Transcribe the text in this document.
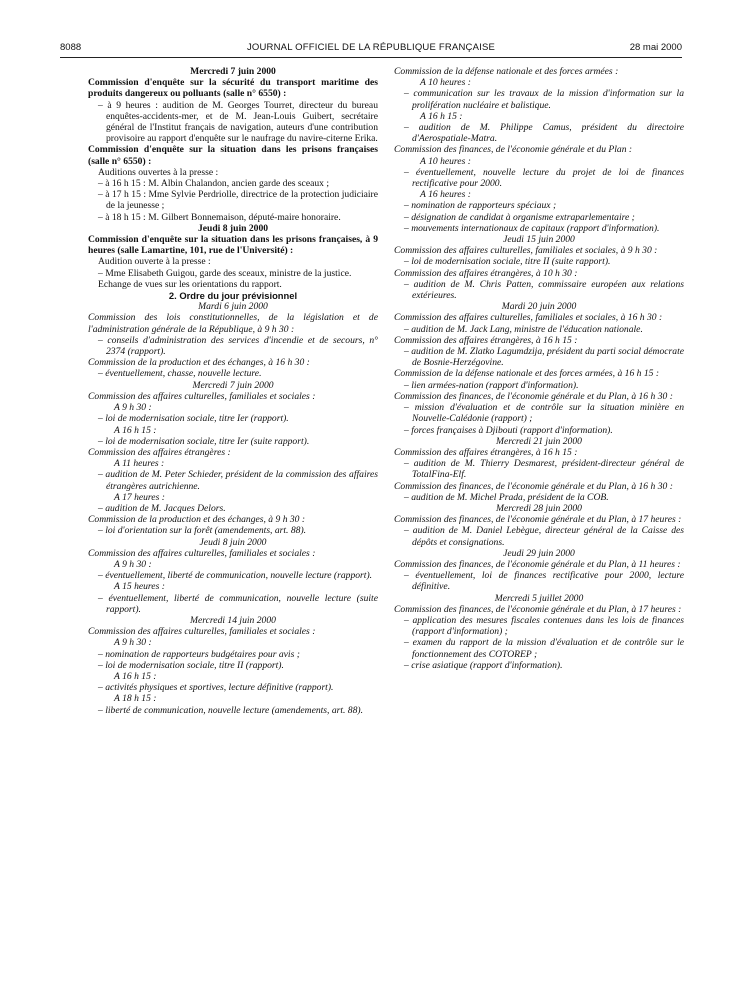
8088	JOURNAL OFFICIEL DE LA RÉPUBLIQUE FRANÇAISE	28 mai 2000

Mercredi 7 juin 2000

Commission d'enquête sur la sécurité du transport maritime des produits dangereux ou polluants (salle n° 6550) :

– à 9 heures : audition de M. Georges Tourret, directeur du bureau enquêtes-accidents-mer, et de M. Jean-Louis Guibert, secrétaire général de l'Institut français de navigation, auteurs d'une contribution provisoire au rapport d'enquête sur le naufrage du navire-citerne Erika.

Commission d'enquête sur la situation dans les prisons françaises (salle n° 6550) :

Auditions ouvertes à la presse :

– à 16 h 15 : M. Albin Chalandon, ancien garde des sceaux ;

– à 17 h 15 : Mme Sylvie Perdriolle, directrice de la protection judiciaire de la jeunesse ;

– à 18 h 15 : M. Gilbert Bonnemaison, député-maire honoraire.

Jeudi 8 juin 2000

Commission d'enquête sur la situation dans les prisons françaises, à 9 heures (salle Lamartine, 101, rue de l'Université) :

Audition ouverte à la presse :

– Mme Elisabeth Guigou, garde des sceaux, ministre de la justice.

Echange de vues sur les orientations du rapport.

2. Ordre du jour prévisionnel

Mardi 6 juin 2000

Commission des lois constitutionnelles, de la législation et de l'administration générale de la République, à 9 h 30 :

– conseils d'administration des services d'incendie et de secours, n° 2374 (rapport).

Commission de la production et des échanges, à 16 h 30 :

– éventuellement, chasse, nouvelle lecture.

Mercredi 7 juin 2000

Commission des affaires culturelles, familiales et sociales :

A 9 h 30 :

– loi de modernisation sociale, titre Ier (rapport).

A 16 h 15 :

– loi de modernisation sociale, titre Ier (suite rapport).

Commission des affaires étrangères :

A 11 heures :

– audition de M. Peter Schieder, président de la commission des affaires étrangères autrichienne.

A 17 heures :

– audition de M. Jacques Delors.

Commission de la production et des échanges, à 9 h 30 :

– loi d'orientation sur la forêt (amendements, art. 88).

Jeudi 8 juin 2000

Commission des affaires culturelles, familiales et sociales :

A 9 h 30 :

– éventuellement, liberté de communication, nouvelle lecture (rapport).

A 15 heures :

– éventuellement, liberté de communication, nouvelle lecture (suite rapport).

Mercredi 14 juin 2000

Commission des affaires culturelles, familiales et sociales :

A 9 h 30 :

– nomination de rapporteurs budgétaires pour avis ;

– loi de modernisation sociale, titre II (rapport).

A 16 h 15 :

– activités physiques et sportives, lecture définitive (rapport).

A 18 h 15 :

– liberté de communication, nouvelle lecture (amendements, art. 88).

Commission de la défense nationale et des forces armées :

A 10 heures :

– communication sur les travaux de la mission d'information sur la prolifération nucléaire et balistique.

A 16 h 15 :

– audition de M. Philippe Camus, président du directoire d'Aerospatiale-Matra.

Commission des finances, de l'économie générale et du Plan :

A 10 heures :

– éventuellement, nouvelle lecture du projet de loi de finances rectificative pour 2000.

A 16 heures :

– nomination de rapporteurs spéciaux ;

– désignation de candidat à organisme extraparlementaire ;

– mouvements internationaux de capitaux (rapport d'information).

Jeudi 15 juin 2000

Commission des affaires culturelles, familiales et sociales, à 9 h 30 :

– loi de modernisation sociale, titre II (suite rapport).

Commission des affaires étrangères, à 10 h 30 :

– audition de M. Chris Patten, commissaire européen aux relations extérieures.

Mardi 20 juin 2000

Commission des affaires culturelles, familiales et sociales, à 16 h 30 :

– audition de M. Jack Lang, ministre de l'éducation nationale.

Commission des affaires étrangères, à 16 h 15 :

– audition de M. Zlatko Lagumdzija, président du parti social démocrate de Bosnie-Herzégovine.

Commission de la défense nationale et des forces armées, à 16 h 15 :

– lien armées-nation (rapport d'information).

Commission des finances, de l'économie générale et du Plan, à 16 h 30 :

– mission d'évaluation et de contrôle sur la situation minière en Nouvelle-Calédonie (rapport) ;

– forces françaises à Djibouti (rapport d'information).

Mercredi 21 juin 2000

Commission des affaires étrangères, à 16 h 15 :

– audition de M. Thierry Desmarest, président-directeur général de TotalFina-Elf.

Commission des finances, de l'économie générale et du Plan, à 16 h 30 :

– audition de M. Michel Prada, président de la COB.

Mercredi 28 juin 2000

Commission des finances, de l'économie générale et du Plan, à 17 heures :

– audition de M. Daniel Lebègue, directeur général de la Caisse des dépôts et consignations.

Jeudi 29 juin 2000

Commission des finances, de l'économie générale et du Plan, à 11 heures :

– éventuellement, loi de finances rectificative pour 2000, lecture définitive.

Mercredi 5 juillet 2000

Commission des finances, de l'économie générale et du Plan, à 17 heures :

– application des mesures fiscales contenues dans les lois de finances (rapport d'information) ;

– examen du rapport de la mission d'évaluation et de contrôle sur le fonctionnement des COTOREP ;

– crise asiatique (rapport d'information).
